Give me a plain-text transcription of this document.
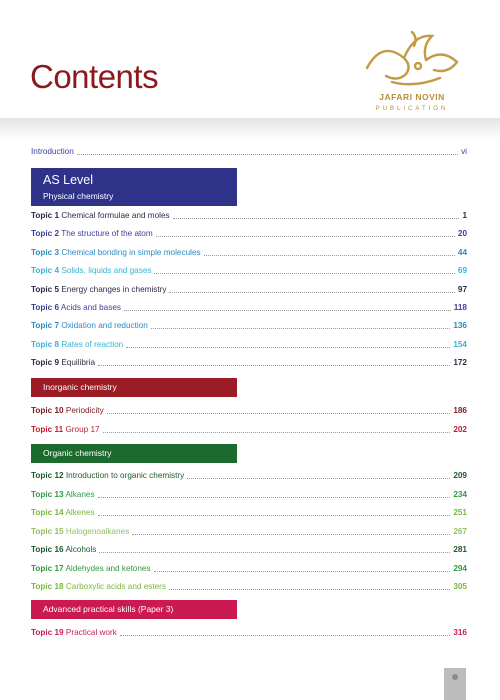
Contents
JAFARI NOVIN
PUBLICATION
Introduction	vi
AS Level
Physical chemistry
Topic 1 Chemical formulae and moles	1
Topic 2 The structure of the atom	20
Topic 3 Chemical bonding in simple molecules	44
Topic 4 Solids, liquids and gases	69
Topic 5 Energy changes in chemistry	97
Topic 6 Acids and bases	118
Topic 7 Oxidation and reduction	136
Topic 8 Rates of reaction	154
Topic 9 Equilibria	172
Inorganic chemistry
Topic 10 Periodicity	186
Topic 11 Group 17	202
Organic chemistry
Topic 12 Introduction to organic chemistry	209
Topic 13 Alkanes	234
Topic 14 Alkenes	251
Topic 15 Halogenoalkanes	267
Topic 16 Alcohols	281
Topic 17 Aldehydes and ketones	294
Topic 18 Carboxylic acids and esters	305
Advanced practical skills (Paper 3)
Topic 19 Practical work	316
